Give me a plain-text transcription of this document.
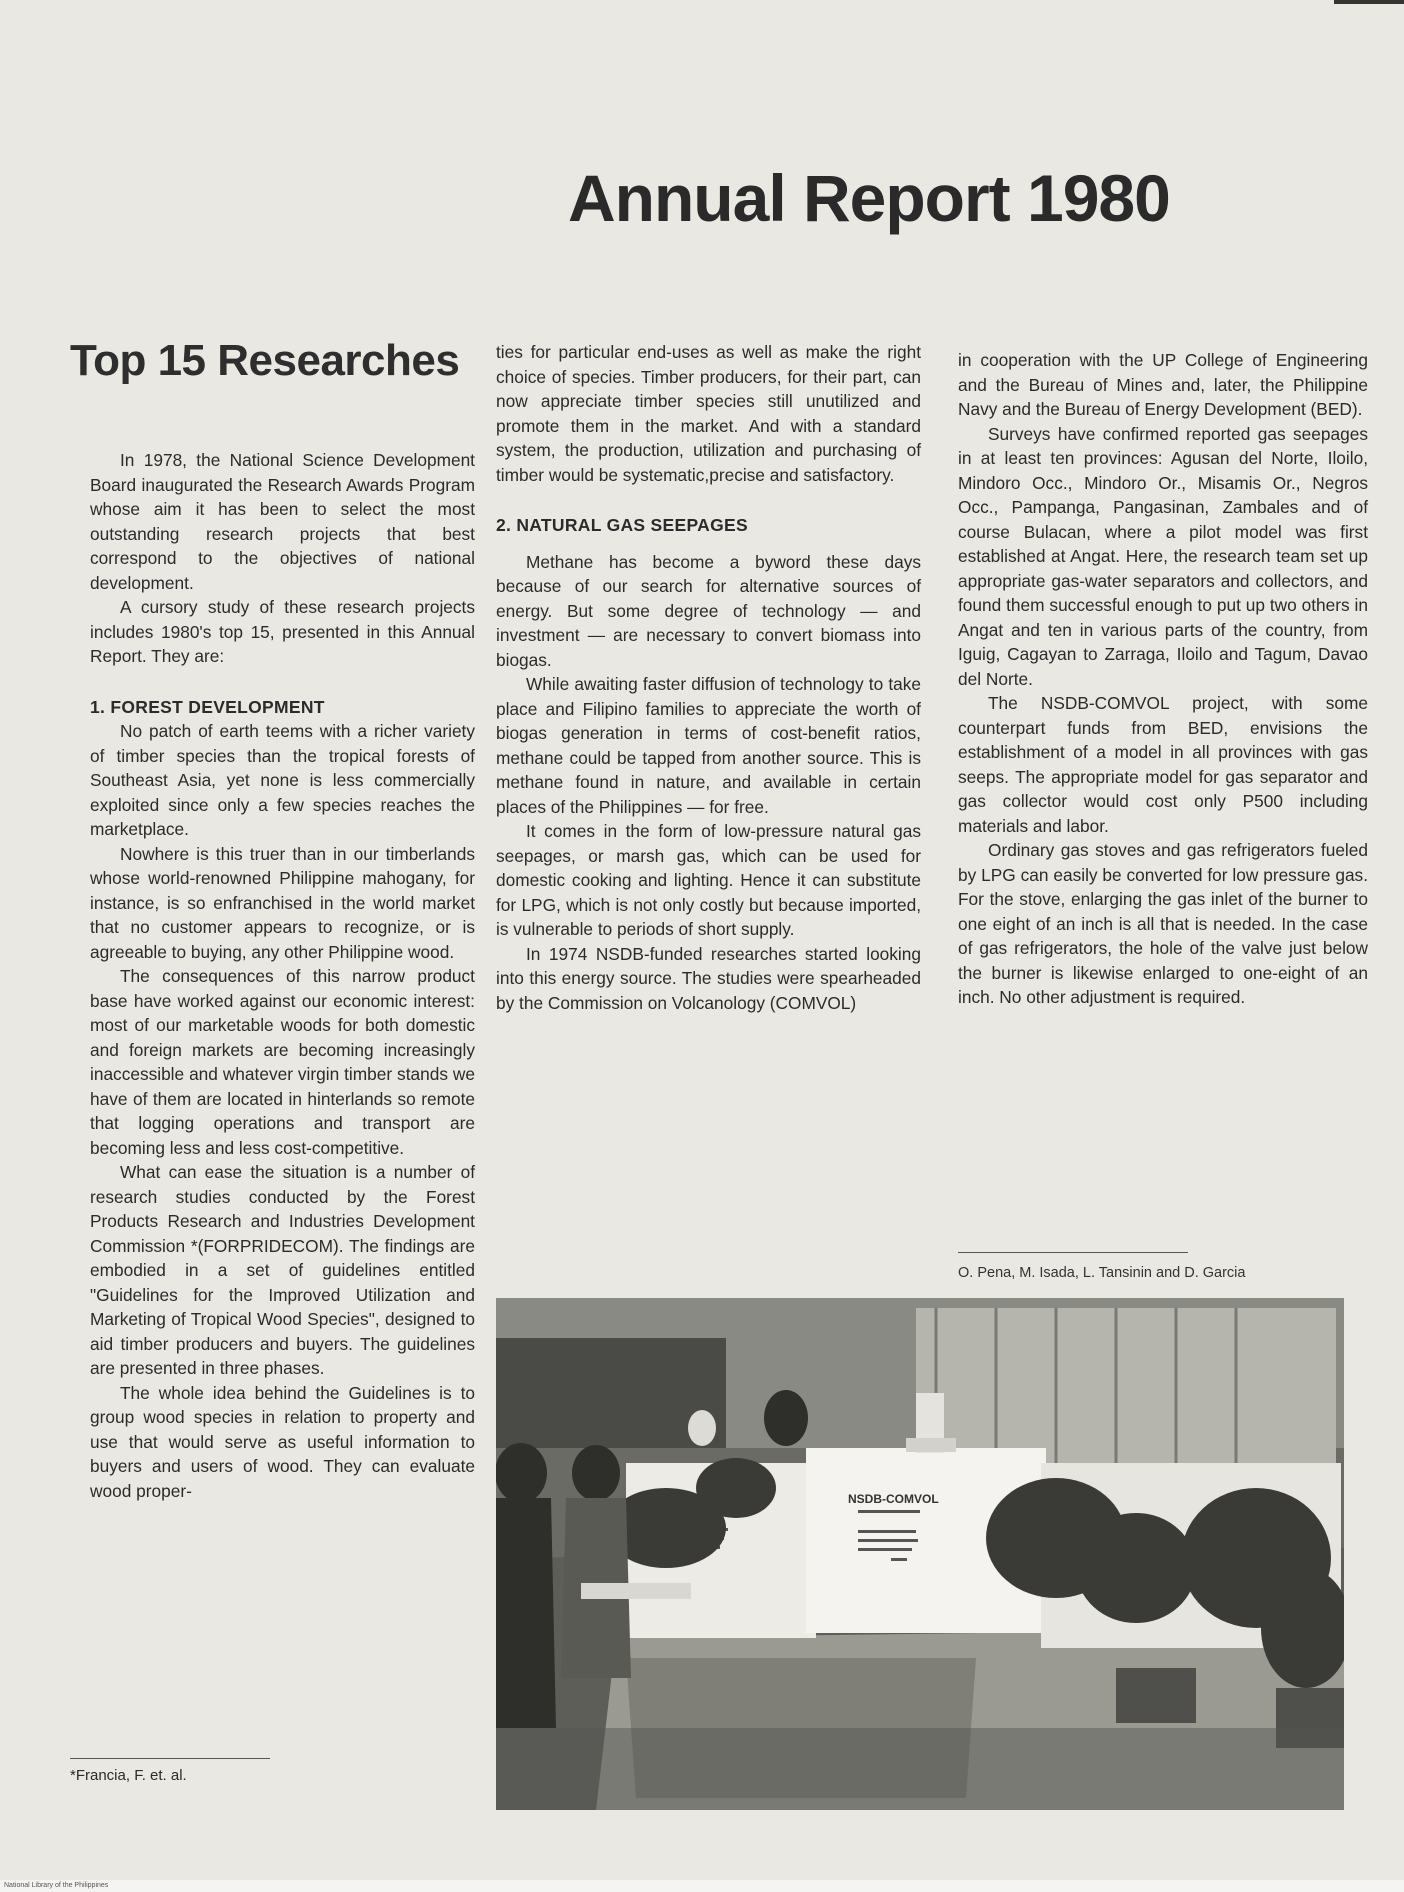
Annual Report 1980
Top 15 Researches

In 1978, the National Science Development Board inaugurated the Research Awards Program whose aim it has been to select the most outstanding research projects that best correspond to the objectives of national development.

A cursory study of these research projects includes 1980's top 15, presented in this Annual Report. They are:

1. FOREST DEVELOPMENT

No patch of earth teems with a richer variety of timber species than the tropical forests of Southeast Asia, yet none is less commercially exploited since only a few species reaches the marketplace.

Nowhere is this truer than in our timberlands whose world-renowned Philippine mahogany, for instance, is so enfranchised in the world market that no customer appears to recognize, or is agreeable to buying, any other Philippine wood.

The consequences of this narrow product base have worked against our economic interest: most of our marketable woods for both domestic and foreign markets are becoming increasingly inaccessible and whatever virgin timber stands we have of them are located in hinterlands so remote that logging operations and transport are becoming less and less cost-competitive.

What can ease the situation is a number of research studies conducted by the Forest Products Research and Industries Development Commission *(FORPRIDECOM). The findings are embodied in a set of guidelines entitled "Guidelines for the Improved Utilization and Marketing of Tropical Wood Species", designed to aid timber producers and buyers. The guidelines are presented in three phases.

The whole idea behind the Guidelines is to group wood species in relation to property and use that would serve as useful information to buyers and users of wood. They can evaluate wood proper-

ties for particular end-uses as well as make the right choice of species. Timber producers, for their part, can now appreciate timber species still unutilized and promote them in the market. And with a standard system, the production, utilization and purchasing of timber would be systematic,precise and satisfactory.

2. NATURAL GAS SEEPAGES

Methane has become a byword these days because of our search for alternative sources of energy. But some degree of technology — and investment — are necessary to convert biomass into biogas.

While awaiting faster diffusion of technology to take place and Filipino families to appreciate the worth of biogas generation in terms of cost-benefit ratios, methane could be tapped from another source. This is methane found in nature, and available in certain places of the Philippines — for free.

It comes in the form of low-pressure natural gas seepages, or marsh gas, which can be used for domestic cooking and lighting. Hence it can substitute for LPG, which is not only costly but because imported, is vulnerable to periods of short supply.

In 1974 NSDB-funded researches started looking into this energy source. The studies were spearheaded by the Commission on Volcanology (COMVOL)

in cooperation with the UP College of Engineering and the Bureau of Mines and, later, the Philippine Navy and the Bureau of Energy Development (BED).

Surveys have confirmed reported gas seepages in at least ten provinces: Agusan del Norte, Iloilo, Mindoro Occ., Mindoro Or., Misamis Or., Negros Occ., Pampanga, Pangasinan, Zambales and of course Bulacan, where a pilot model was first established at Angat. Here, the research team set up appropriate gas-water separators and collectors, and found them successful enough to put up two others in Angat and ten in various parts of the country, from Iguig, Cagayan to Zarraga, Iloilo and Tagum, Davao del Norte.

The NSDB-COMVOL project, with some counterpart funds from BED, envisions the establishment of a model in all provinces with gas seeps. The appropriate model for gas separator and gas collector would cost only P500 including materials and labor.

Ordinary gas stoves and gas refrigerators fueled by LPG can easily be converted for low pressure gas. For the stove, enlarging the gas inlet of the burner to one eight of an inch is all that is needed. In the case of gas refrigerators, the hole of the valve just below the burner is likewise enlarged to one-eight of an inch. No other adjustment is required.

O. Pena, M. Isada, L. Tansinin and D. Garcia
NSDB-COMVOL
*Francia, F. et. al.
National Library of the Philippines
